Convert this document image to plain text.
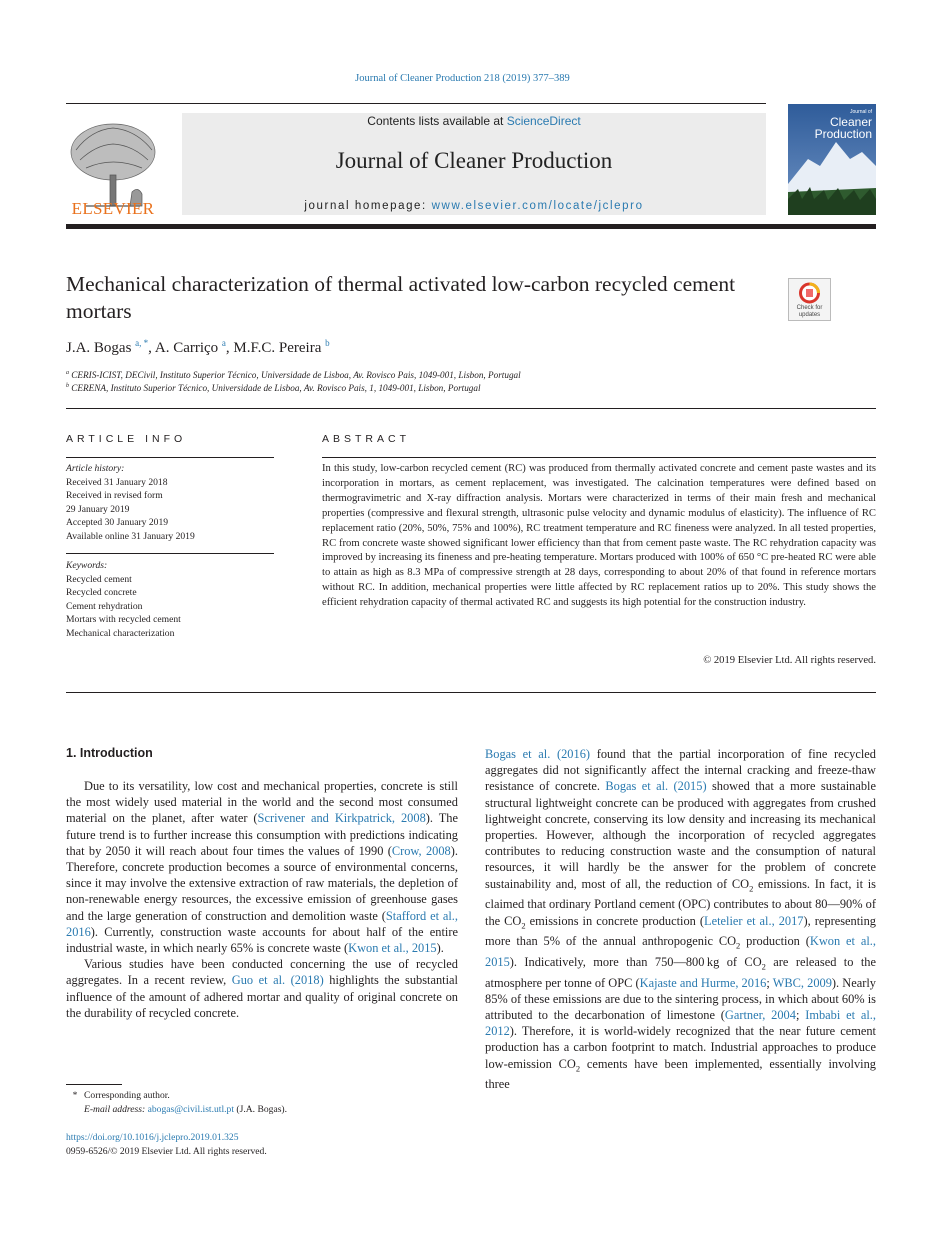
Journal of Cleaner Production 218 (2019) 377–389
ELSEVIER
Contents lists available at ScienceDirect
Journal of Cleaner Production
journal homepage: www.elsevier.com/locate/jclepro
Journal of
Cleaner
Production
Mechanical characterization of thermal activated low-carbon recycled cement mortars	Check for updates
J.A. Bogas $^{a, *}$, A. Carriço $^a$, M.F.C. Pereira $^b$
$^a$ CERIS-ICIST, DECivil, Instituto Superior Técnico, Universidade de Lisboa, Av. Rovisco Pais, 1049-001, Lisbon, Portugal
$^b$ CERENA, Instituto Superior Técnico, Universidade de Lisboa, Av. Rovisco Pais, 1, 1049-001, Lisbon, Portugal
ARTICLE INFO	ABSTRACT
Article history:
Received 31 January 2018
Received in revised form
29 January 2019
Accepted 30 January 2019
Available online 31 January 2019
Keywords:
Recycled cement
Recycled concrete
Cement rehydration
Mortars with recycled cement
Mechanical characterization
In this study, low-carbon recycled cement (RC) was produced from thermally activated concrete and cement paste wastes and its incorporation in mortars, as cement replacement, was investigated. The calcination temperatures were defined based on thermogravimetric and X-ray diffraction analysis. Mortars were characterized in terms of their main fresh and mechanical properties (compressive and flexural strength, ultrasonic pulse velocity and dynamic modulus of elasticity). The influence of RC replacement ratio (20%, 50%, 75% and 100%), RC treatment temperature and RC fineness were analyzed. In all tested properties, RC from concrete waste showed significant lower efficiency than that from cement paste waste. The RC rehydration capacity was improved by increasing its fineness and pre-heating temperature. Mortars produced with 100% of 650 °C pre-heated RC were able to attain as high as 8.3 MPa of compressive strength at 28 days, corresponding to about 20% of that found in reference mortars without RC. In addition, mechanical properties were little affected by RC replacement ratios up to 20%. This study shows the efficient rehydration capacity of thermal activated RC and suggests its high potential for the construction industry.
© 2019 Elsevier Ltd. All rights reserved.
1. Introduction

Due to its versatility, low cost and mechanical properties, concrete is still the most widely used material in the world and the second most consumed material on the planet, after water (Scrivener and Kirkpatrick, 2008). The future trend is to further increase this consumption with predictions indicating that by 2050 it will reach about four times the values of 1990 (Crow, 2008). Therefore, concrete production becomes a source of environmental concerns, since it may involve the extensive extraction of raw materials, the depletion of non-renewable energy resources, the excessive emission of greenhouse gases and the large generation of construction and demolition waste (Stafford et al., 2016). Currently, construction waste accounts for about half of the entire industrial waste, in which nearly 65% is concrete waste (Kwon et al., 2015).

Various studies have been conducted concerning the use of recycled aggregates. In a recent review, Guo et al. (2018) highlights the substantial influence of the amount of adhered mortar and quality of original concrete on the durability of recycled concrete.

Bogas et al. (2016) found that the partial incorporation of fine recycled aggregates did not significantly affect the internal cracking and freeze-thaw resistance of concrete. Bogas et al. (2015) showed that a more sustainable structural lightweight concrete can be produced with aggregates from crushed lightweight concrete, conserving its low density and increasing its mechanical properties. However, although the incorporation of recycled aggregates contributes to reducing construction waste and the consumption of natural resources, it will hardly be the answer for the problem of concrete sustainability and, most of all, the reduction of $CO_2$ emissions. In fact, it is claimed that ordinary Portland cement (OPC) contributes to about 80—90% of the $CO_2$ emissions in concrete production (Letelier et al., 2017), representing more than 5% of the annual anthropogenic $CO_2$ production (Kwon et al., 2015). Indicatively, more than 750—800 kg of $CO_2$ are released to the atmosphere per tonne of OPC (Kajaste and Hurme, 2016; WBC, 2009). Nearly 85% of these emissions are due to the sintering process, in which about 60% is attributed to the decarbonation of limestone (Gartner, 2004; Imbabi et al., 2012). Therefore, it is world-widely recognized that the near future cement production has a carbon footprint to match. Industrial approaches to produce low-emission $CO_2$ cements have been implemented, essentially involving three

* Corresponding author.
E-mail address: abogas@civil.ist.utl.pt (J.A. Bogas).
https://doi.org/10.1016/j.jclepro.2019.01.325
0959-6526/© 2019 Elsevier Ltd. All rights reserved.
